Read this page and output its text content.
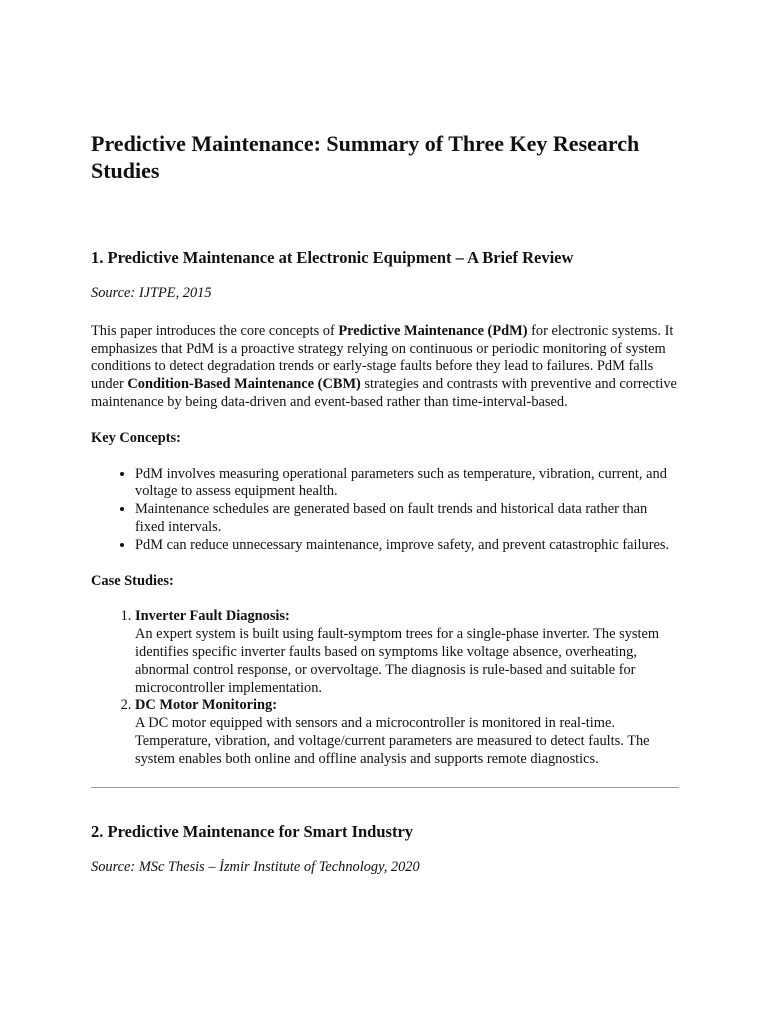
Predictive Maintenance: Summary of Three Key Research Studies
1. Predictive Maintenance at Electronic Equipment – A Brief Review

Source: IJTPE, 2015

This paper introduces the core concepts of Predictive Maintenance (PdM) for electronic systems. It emphasizes that PdM is a proactive strategy relying on continuous or periodic monitoring of system conditions to detect degradation trends or early-stage faults before they lead to failures. PdM falls under Condition-Based Maintenance (CBM) strategies and contrasts with preventive and corrective maintenance by being data-driven and event-based rather than time-interval-based.

Key Concepts:

• PdM involves measuring operational parameters such as temperature, vibration, current, and voltage to assess equipment health.
• Maintenance schedules are generated based on fault trends and historical data rather than fixed intervals.
• PdM can reduce unnecessary maintenance, improve safety, and prevent catastrophic failures.

Case Studies:

1. Inverter Fault Diagnosis:
An expert system is built using fault-symptom trees for a single-phase inverter. The system identifies specific inverter faults based on symptoms like voltage absence, overheating, abnormal control response, or overvoltage. The diagnosis is rule-based and suitable for microcontroller implementation.
2. DC Motor Monitoring:
A DC motor equipped with sensors and a microcontroller is monitored in real-time. Temperature, vibration, and voltage/current parameters are measured to detect faults. The system enables both online and offline analysis and supports remote diagnostics.
2. Predictive Maintenance for Smart Industry

Source: MSc Thesis – İzmir Institute of Technology, 2020
